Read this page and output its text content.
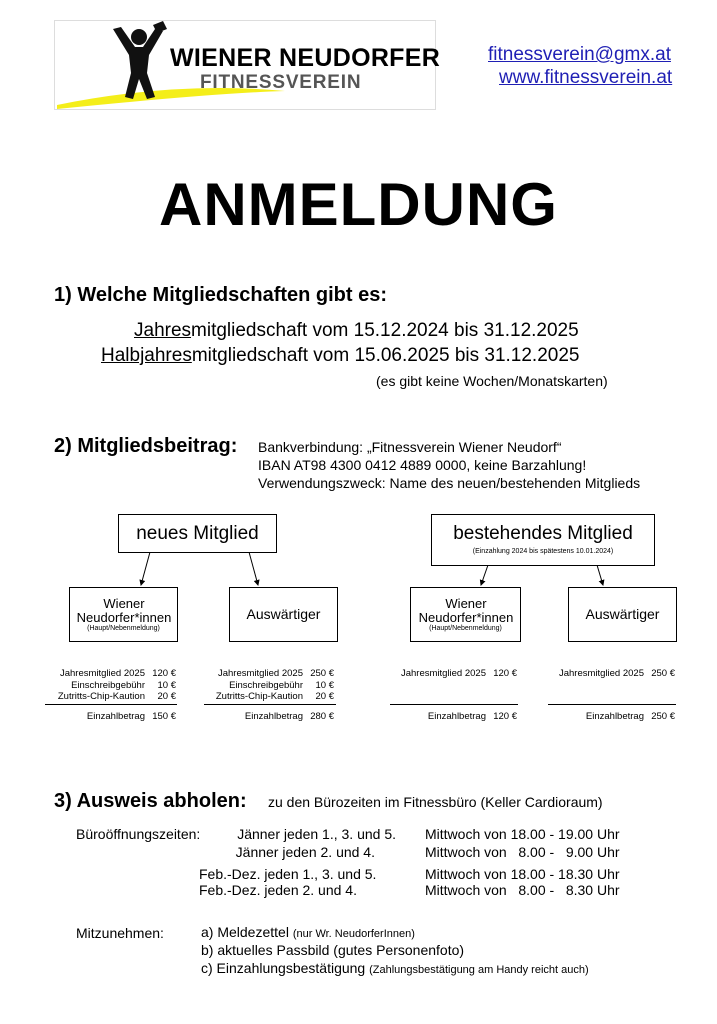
WIENER NEUDORFER
FITNESSVEREIN
fitnessverein@gmx.at
www.fitnessverein.at
ANMELDUNG
1) Welche Mitgliedschaften gibt es:
Jahresmitgliedschaft vom 15.12.2024 bis 31.12.2025
Halbjahresmitgliedschaft vom 15.06.2025 bis 31.12.2025
(es gibt keine Wochen/Monatskarten)
2) Mitgliedsbeitrag: Bankverbindung: „Fitnessverein Wiener Neudorf“
IBAN AT98 4300 0412 4889 0000, keine Barzahlung!
Verwendungszweck: Name des neuen/bestehenden Mitglieds
neues Mitglied	bestehendes Mitglied
(Einzahlung 2024 bis spätestens 10.01.2024)
Wiener Neudorfer*innen
(Haupt/Nebenmeldung)
Auswärtiger
Wiener Neudorfer*innen
(Haupt/Nebenmeldung)
Auswärtiger
Jahresmitglied 2025 120 €
Einschreibgebühr	10 €
Zutritts-Chip-Kaution	20 €
Einzahlbetrag 150 €
Jahresmitglied 2025 250 €
Einschreibgebühr	10 €
Zutritts-Chip-Kaution	20 €
Einzahlbetrag 280 €
Jahresmitglied 2025 120 €
Einzahlbetrag 120 €
Jahresmitglied 2025 250 €
Einzahlbetrag 250 €
3) Ausweis abholen: zu den Bürozeiten im Fitnessbüro (Keller Cardioraum)
Büroöffnungszeiten:	Jänner jeden 1., 3. und 5. Mittwoch von 18.00 - 19.00 Uhr
Jänner jeden 2. und 4.	Mittwoch von   8.00 -   9.00 Uhr
Feb.-Dez. jeden 1., 3. und 5.	Mittwoch von 18.00 - 18.30 Uhr
Feb.-Dez. jeden 2. und 4.	Mittwoch von   8.00 -   8.30 Uhr
Mitzunehmen:	a) Meldezettel (nur Wr. NeudorferInnen)
b) aktuelles Passbild (gutes Personenfoto)
c) Einzahlungsbestätigung (Zahlungsbestätigung am Handy reicht auch)
